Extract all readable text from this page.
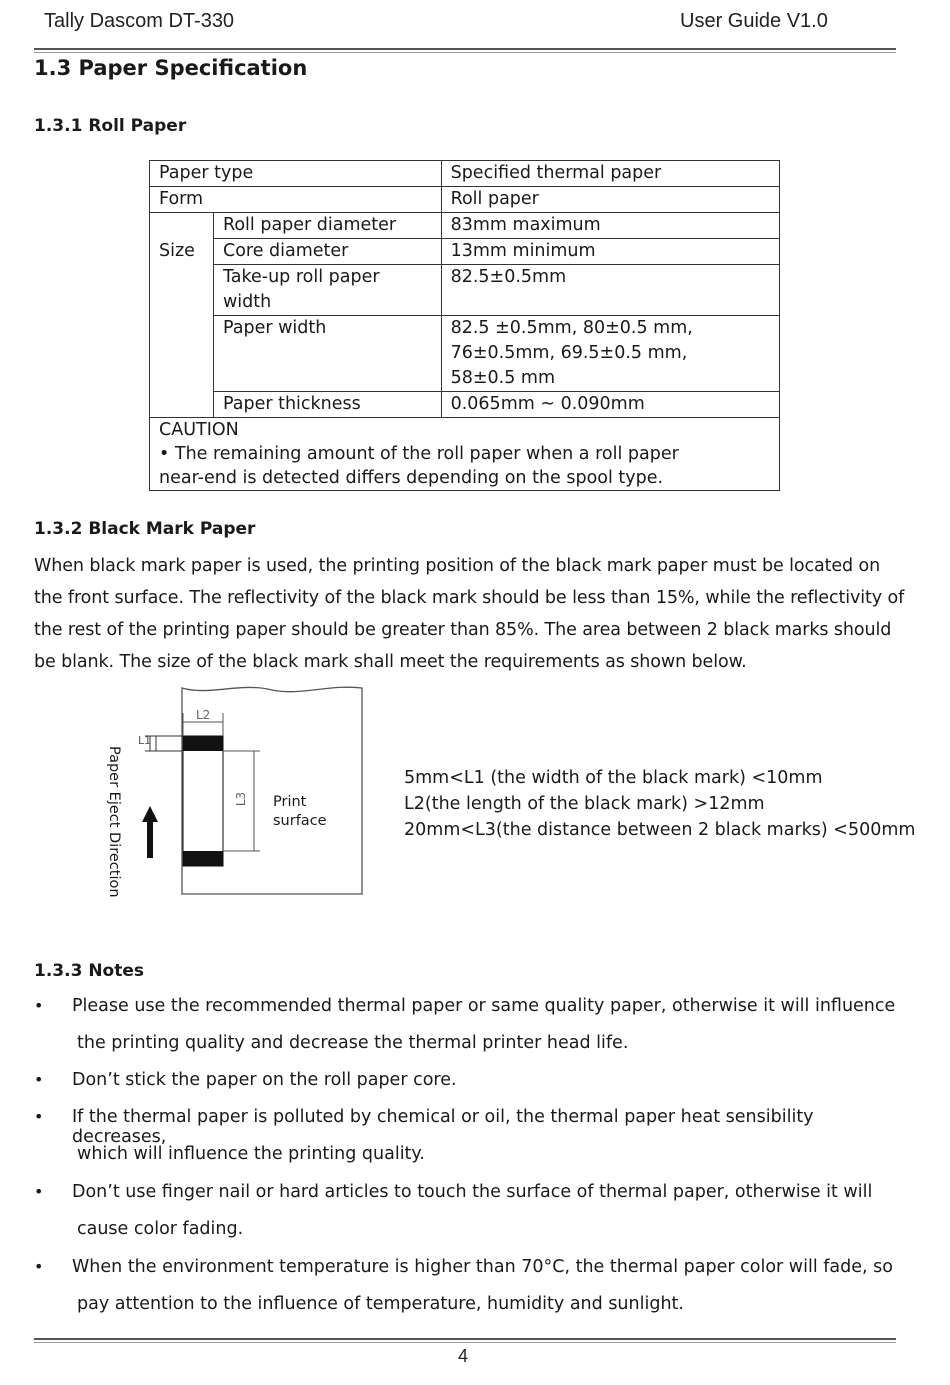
Tally Dascom DT-330	User Guide V1.0
1.3 Paper Specification
1.3.1 Roll Paper
Paper type		Specified thermal paper
Form		Roll paper
Size	Roll paper diameter	83mm maximum
	Core diameter	13mm minimum
	Take-up roll paper width	82.5±0.5mm
	Paper width	82.5 ±0.5mm, 80±0.5 mm,
76±0.5mm, 69.5±0.5 mm,
58±0.5 mm

	Paper thickness	0.065mm ~ 0.090mm

CAUTION
• The remaining amount of the roll paper when a roll paper
near-end is detected differs depending on the spool type.		
1.3.2 Black Mark Paper
When black mark paper is used, the printing position of the black mark paper must be located on
the front surface. The reflectivity of the black mark should be less than 15%, while the reflectivity of
the rest of the printing paper should be greater than 85%. The area between 2 black marks should
be blank. The size of the black mark shall meet the requirements as shown below.
Paper Eject Direction
L1
L2
L3 Print
surface
5mm<L1 (the width of the black mark) <10mm
L2(the length of the black mark) >12mm
20mm<L3(the distance between 2 black marks) <500mm
1.3.3 Notes
• Please use the recommended thermal paper or same quality paper, otherwise it will influence
the printing quality and decrease the thermal printer head life.
• Don’t stick the paper on the roll paper core.
• If the thermal paper is polluted by chemical or oil, the thermal paper heat sensibility decreases,
which will influence the printing quality.
• Don’t use finger nail or hard articles to touch the surface of thermal paper, otherwise it will
cause color fading.
• When the environment temperature is higher than 70°C, the thermal paper color will fade, so
pay attention to the influence of temperature, humidity and sunlight.
4
